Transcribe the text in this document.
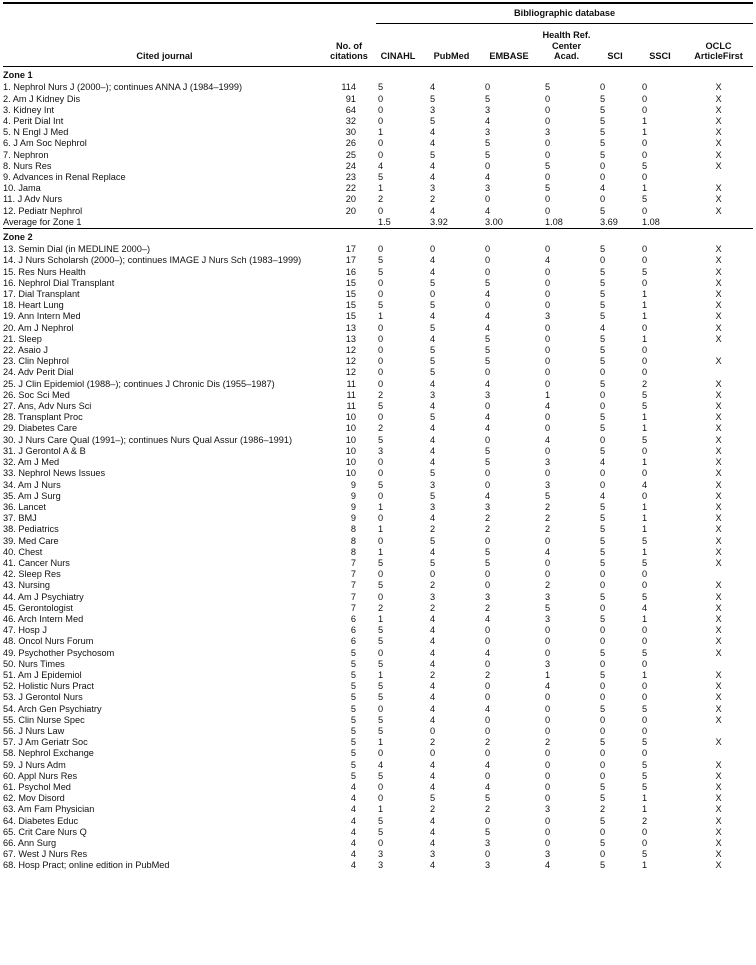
		Bibliographic database						

Cited journal	No. of citations	CINAHL	PubMed	EMBASE	Health Ref. Center Acad.	SCI	SSCI	OCLC ArticleFirst
Zone 1								
1. Nephrol Nurs J (2000–); continues ANNA J (1984–1999)	114	5	4	0	5	0	0	X
2. Am J Kidney Dis	91	0	5	5	0	5	0	X
3. Kidney Int	64	0	3	3	0	5	0	X
4. Perit Dial Int	32	0	5	4	0	5	1	X
5. N Engl J Med	30	1	4	3	3	5	1	X
6. J Am Soc Nephrol	26	0	4	5	0	5	0	X
7. Nephron	25	0	5	5	0	5	0	X
8. Nurs Res	24	4	4	0	5	0	5	X
9. Advances in Renal Replace	23	5	4	4	0	0	0	
10. Jama	22	1	3	3	5	4	1	X
11. J Adv Nurs	20	2	2	0	0	0	5	X
12. Pediatr Nephrol	20	0	4	4	0	5	0	X
Average for Zone 1		1.5	3.92	3.00	1.08	3.69	1.08	
Zone 2								
13. Semin Dial (in MEDLINE 2000–)	17	0	0	0	0	5	0	X
14. J Nurs Scholarsh (2000–); continues IMAGE J Nurs Sch (1983–1999)	17	5	4	0	4	0	0	X
15. Res Nurs Health	16	5	4	0	0	5	5	X
16. Nephrol Dial Transplant	15	0	5	5	0	5	0	X
17. Dial Transplant	15	0	0	4	0	5	1	X
18. Heart Lung	15	5	5	0	0	5	1	X
19. Ann Intern Med	15	1	4	4	3	5	1	X
20. Am J Nephrol	13	0	5	4	0	4	0	X
21. Sleep	13	0	4	5	0	5	1	X
22. Asaio J	12	0	5	5	0	5	0	
23. Clin Nephrol	12	0	5	5	0	5	0	X
24. Adv Perit Dial	12	0	5	0	0	0	0	
25. J Clin Epidemiol (1988–); continues J Chronic Dis (1955–1987)	11	0	4	4	0	5	2	X
26. Soc Sci Med	11	2	3	3	1	0	5	X
27. Ans, Adv Nurs Sci	11	5	4	0	4	0	5	X
28. Transplant Proc	10	0	5	4	0	5	1	X
29. Diabetes Care	10	2	4	4	0	5	1	X
30. J Nurs Care Qual (1991–); continues Nurs Qual Assur (1986–1991)	10	5	4	0	4	0	5	X
31. J Gerontol A & B	10	3	4	5	0	5	0	X
32. Am J Med	10	0	4	5	3	4	1	X
33. Nephrol News Issues	10	0	5	0	0	0	0	X
34. Am J Nurs	9	5	3	0	3	0	4	X
35. Am J Surg	9	0	5	4	5	4	0	X
36. Lancet	9	1	3	3	2	5	1	X
37. BMJ	9	0	4	2	2	5	1	X
38. Pediatrics	8	1	2	2	2	5	1	X
39. Med Care	8	0	5	0	0	5	5	X
40. Chest	8	1	4	5	4	5	1	X
41. Cancer Nurs	7	5	5	5	0	5	5	X
42. Sleep Res	7	0	0	0	0	0	0	
43. Nursing	7	5	2	0	2	0	0	X
44. Am J Psychiatry	7	0	3	3	3	5	5	X
45. Gerontologist	7	2	2	2	5	0	4	X
46. Arch Intern Med	6	1	4	4	3	5	1	X
47. Hosp J	6	5	4	0	0	0	0	X
48. Oncol Nurs Forum	6	5	4	0	0	0	0	X
49. Psychother Psychosom	5	0	4	4	0	5	5	X
50. Nurs Times	5	5	4	0	3	0	0	
51. Am J Epidemiol	5	1	2	2	1	5	1	X
52. Holistic Nurs Pract	5	5	4	0	4	0	0	X
53. J Gerontol Nurs	5	5	4	0	0	0	0	X
54. Arch Gen Psychiatry	5	0	4	4	0	5	5	X
55. Clin Nurse Spec	5	5	4	0	0	0	0	X
56. J Nurs Law	5	5	0	0	0	0	0	
57. J Am Geriatr Soc	5	1	2	2	2	5	5	X
58. Nephrol Exchange	5	0	0	0	0	0	0	
59. J Nurs Adm	5	4	4	4	0	0	5	X
60. Appl Nurs Res	5	5	4	0	0	0	5	X
61. Psychol Med	4	0	4	4	0	5	5	X
62. Mov Disord	4	0	5	5	0	5	1	X
63. Am Fam Physician	4	1	2	2	3	2	1	X
64. Diabetes Educ	4	5	4	0	0	5	2	X
65. Crit Care Nurs Q	4	5	4	5	0	0	0	X
66. Ann Surg	4	0	4	3	0	5	0	X
67. West J Nurs Res	4	3	3	0	3	0	5	X
68. Hosp Pract; online edition in PubMed	4	3	4	3	4	5	1	X
